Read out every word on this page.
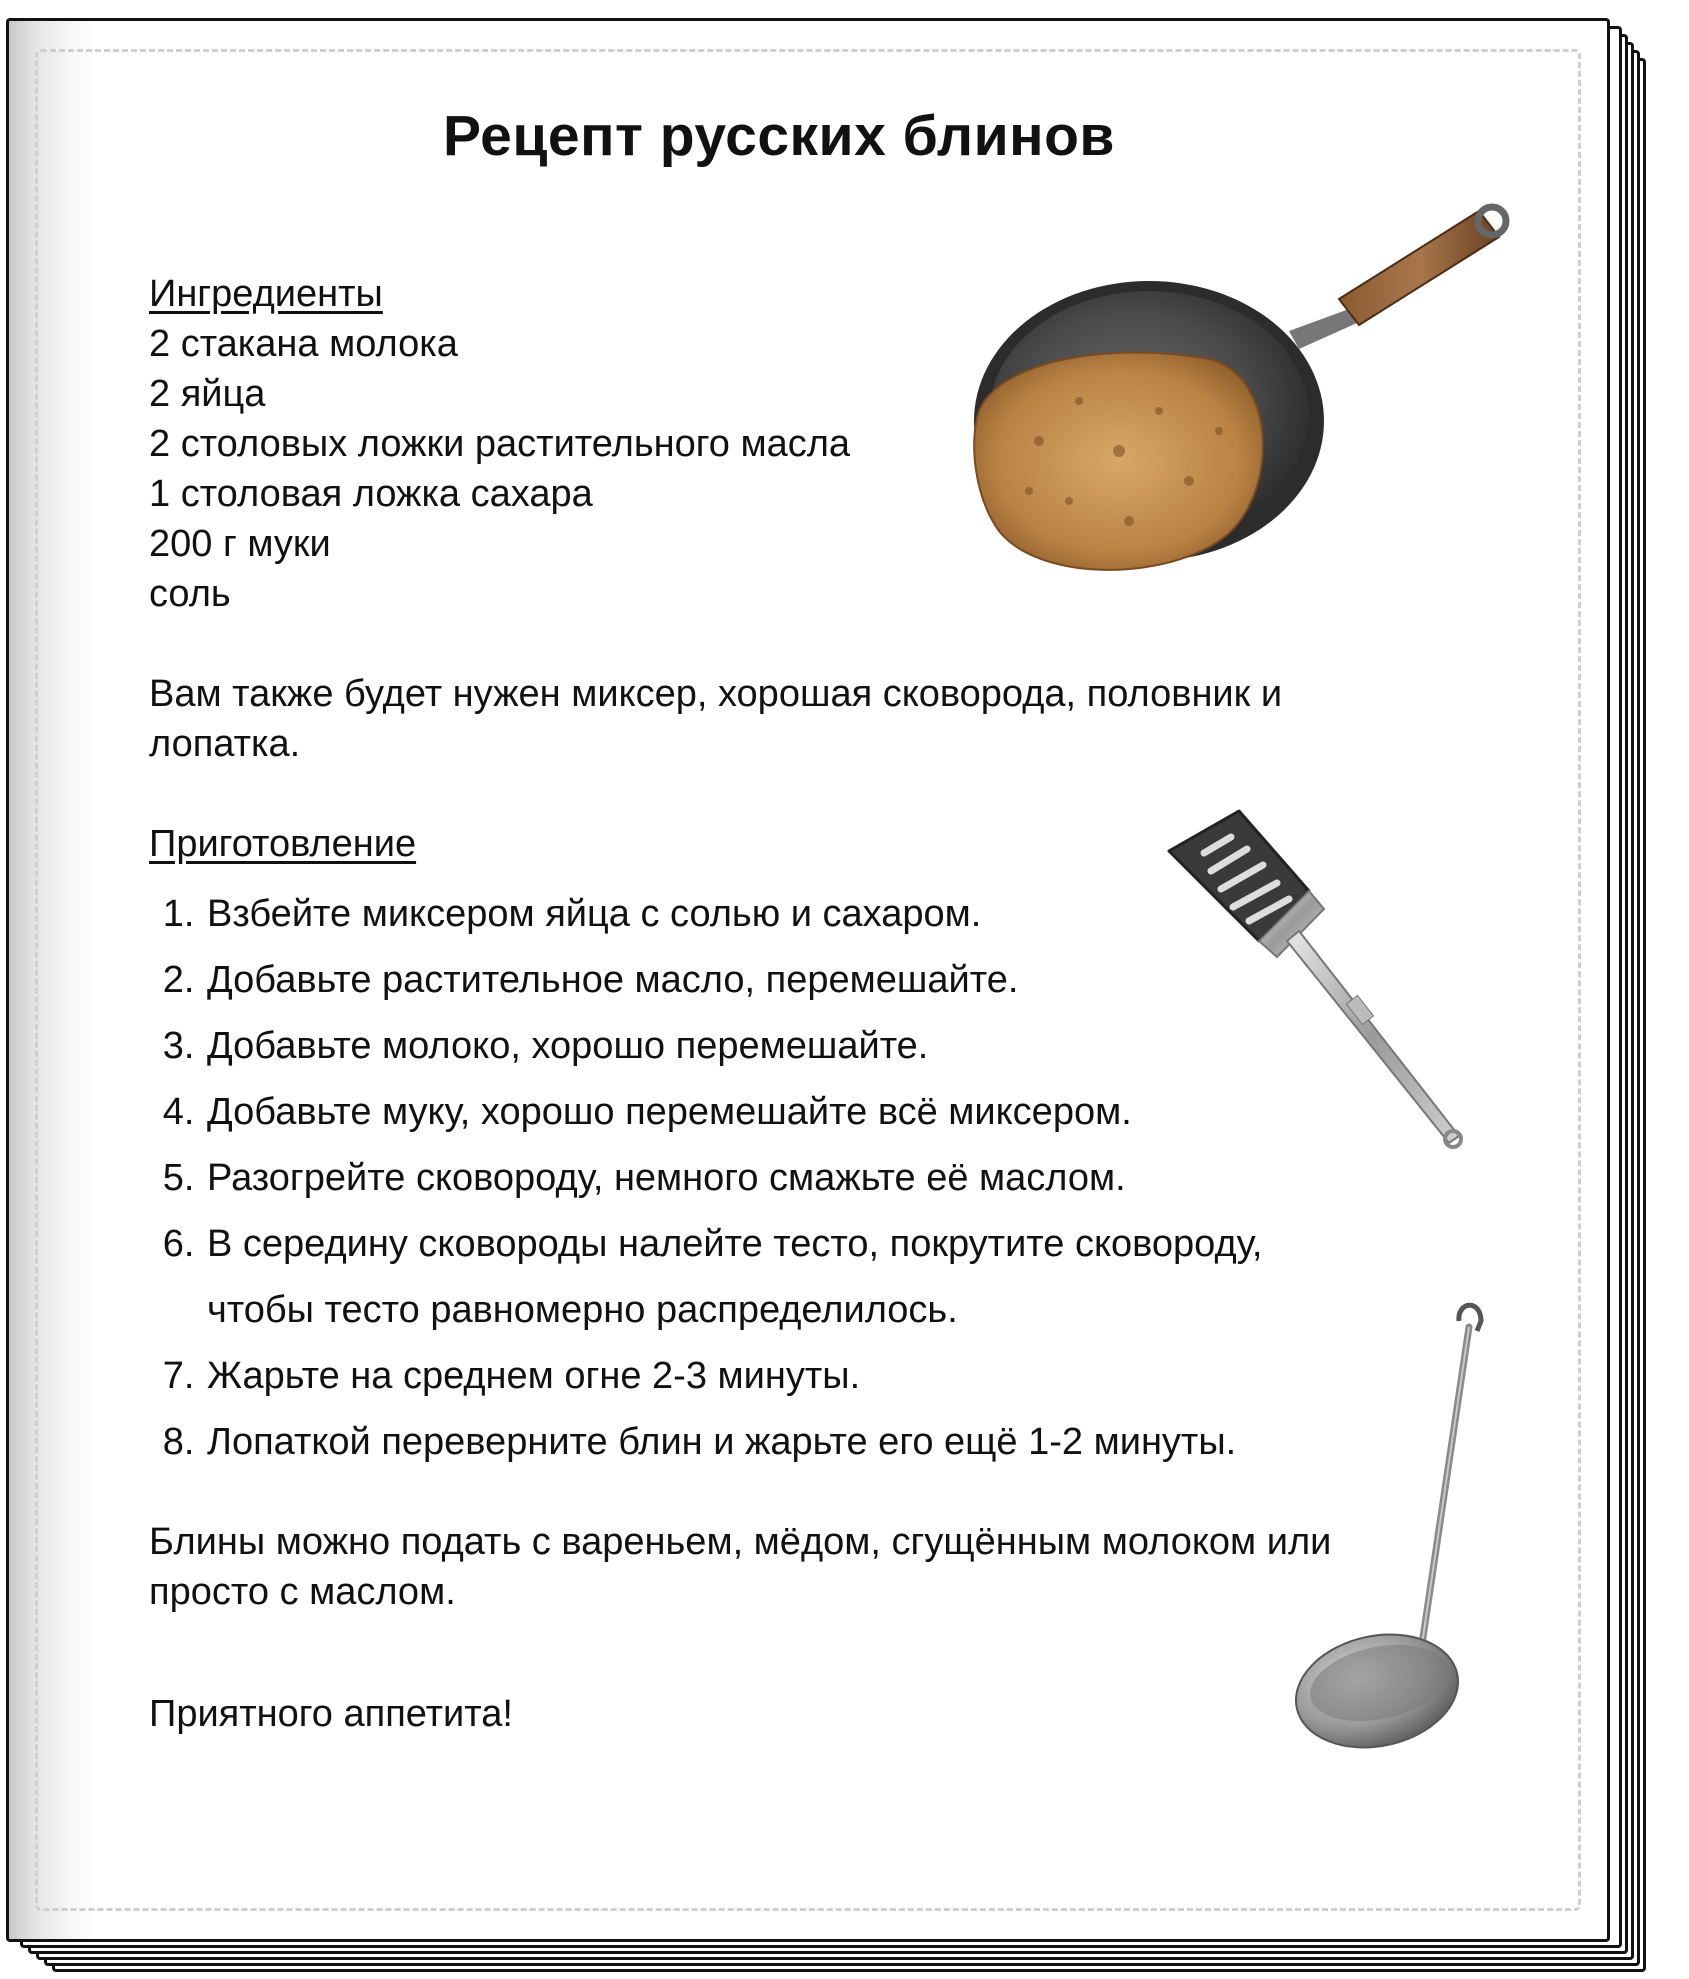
Рецепт русских блинов
Ингредиенты
2 стакана молока
2 яйца
2 столовых ложки растительного масла
1 столовая ложка сахара
200 г муки
соль
Вам также будет нужен миксер, хорошая сковорода, половник и лопатка.
Приготовление
1. Взбейте миксером яйца с солью и сахаром.
2. Добавьте растительное масло, перемешайте.
3. Добавьте молоко, хорошо перемешайте.
4. Добавьте муку, хорошо перемешайте всё миксером.
5. Разогрейте сковороду, немного смажьте её маслом.
6. В середину сковороды налейте тесто, покрутите сковороду, чтобы тесто равномерно распределилось.
7. Жарьте на среднем огне 2-3 минуты.
8. Лопаткой переверните блин и жарьте его ещё 1-2 минуты.
Блины можно подать с вареньем, мёдом, сгущённым молоком или просто с маслом.
Приятного аппетита!
